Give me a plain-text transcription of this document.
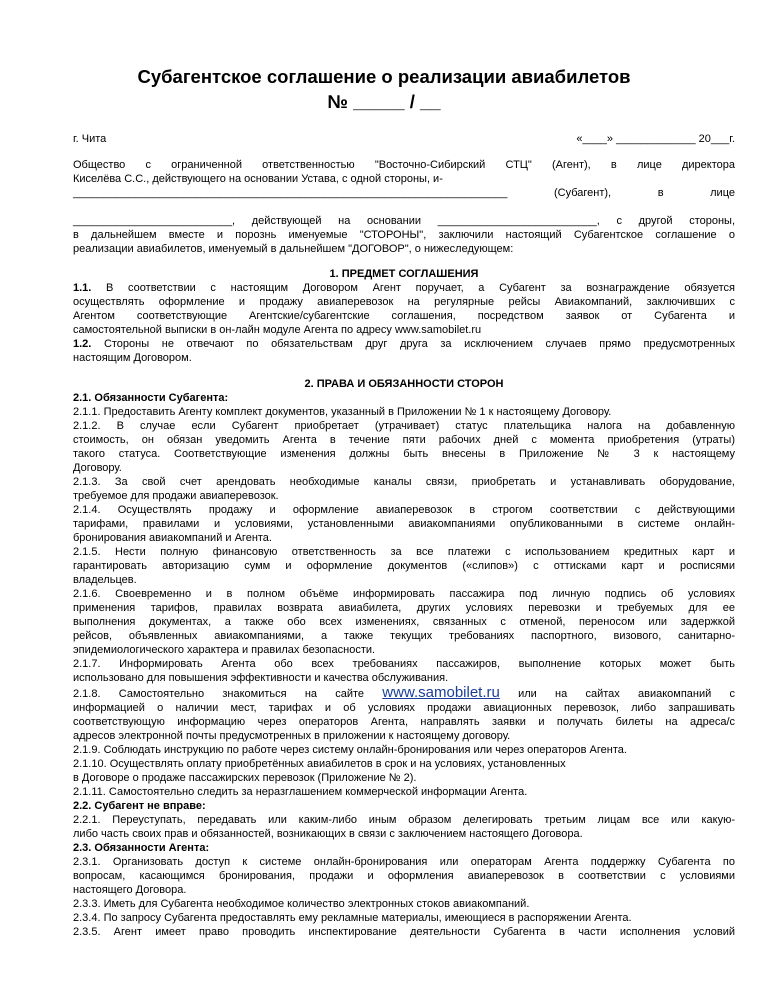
Субагентское соглашение о реализации авиабилетов
№ _____ / __
г. Чита	«____» _____________ 20___г.
Общество с ограниченной ответственностью "Восточно-Сибирский СТЦ" (Агент), в лице директора
Киселёва С.С., действующего на основании Устава, с одной стороны, и-
_______________________________________________________________________ (Субагент), в лице
__________________________, действующей на основании __________________________, с другой стороны,
в дальнейшем вместе и порознь именуемые "СТОРОНЫ", заключили настоящий Субагентское соглашение о
реализации авиабилетов, именуемый в дальнейшем "ДОГОВОР", о нижеследующем:
1. ПРЕДМЕТ СОГЛАШЕНИЯ
1.1. В соответствии с настоящим Договором Агент поручает, а Субагент за вознаграждение обязуется
осуществлять оформление и продажу авиаперевозок на регулярные рейсы Авиакомпаний, заключивших с
Агентом соответствующие Агентские/субагентские соглашения, посредством заявок от Субагента и
самостоятельной выписки в он-лайн модуле Агента по адресу www.samobilet.ru
1.2. Стороны не отвечают по обязательствам друг друга за исключением случаев прямо предусмотренных
настоящим Договором.
2. ПРАВА И ОБЯЗАННОСТИ СТОРОН
2.1. Обязанности Субагента:
2.1.1. Предоставить Агенту комплект документов, указанный в Приложении № 1 к настоящему Договору.
2.1.2. В случае если Субагент приобретает (утрачивает) статус плательщика налога на добавленную
стоимость, он обязан уведомить Агента в течение пяти рабочих дней с момента приобретения (утраты)
такого статуса. Соответствующие изменения должны быть внесены в Приложение № 3 к настоящему
Договору.
2.1.3. За свой счет арендовать необходимые каналы связи, приобретать и устанавливать оборудование,
требуемое для продажи авиаперевозок.
2.1.4. Осуществлять продажу и оформление авиаперевозок в строгом соответствии с действующими
тарифами, правилами и условиями, установленными авиакомпаниями опубликованными в системе онлайн-
бронирования авиакомпаний и Агента.
2.1.5. Нести полную финансовую ответственность за все платежи с использованием кредитных карт и
гарантировать авторизацию сумм и оформление документов («слипов») с оттисками карт и росписями
владельцев.
2.1.6. Своевременно и в полном объёме информировать пассажира под личную подпись об условиях
применения тарифов, правилах возврата авиабилета, других условиях перевозки и требуемых для ее
выполнения документах, а также обо всех изменениях, связанных с отменой, переносом или задержкой
рейсов, объявленных авиакомпаниями, а также текущих требованиях паспортного, визового, санитарно-
эпидемиологического характера и правилах безопасности.
2.1.7. Информировать Агента обо всех требованиях пассажиров, выполнение которых может быть
использовано для повышения эффективности и качества обслуживания.
2.1.8. Самостоятельно знакомиться на сайте www.samobilet.ru или на сайтах авиакомпаний с
информацией о наличии мест, тарифах и об условиях продажи авиационных перевозок, либо запрашивать
соответствующую информацию через операторов Агента, направлять заявки и получать билеты на адреса/с
адресов электронной почты предусмотренных в приложении к настоящему договору.
2.1.9. Соблюдать инструкцию по работе через систему онлайн-бронирования или через операторов Агента.
2.1.10. Осуществлять оплату приобретённых авиабилетов в срок и на условиях, установленных
в Договоре о продаже пассажирских перевозок (Приложение № 2).
2.1.11. Самостоятельно следить за неразглашением коммерческой информации Агента.
2.2. Субагент не вправе:
2.2.1. Переуступать, передавать или каким-либо иным образом делегировать третьим лицам все или какую-
либо часть своих прав и обязанностей, возникающих в связи с заключением настоящего Договора.
2.3. Обязанности Агента:
2.3.1. Организовать доступ к системе онлайн-бронирования или операторам Агента поддержку Субагента по
вопросам, касающимся бронирования, продажи и оформления авиаперевозок в соответствии с условиями
настоящего Договора.
2.3.3. Иметь для Субагента необходимое количество электронных стоков авиакомпаний.
2.3.4. По запросу Субагента предоставлять ему рекламные материалы, имеющиеся в распоряжении Агента.
2.3.5. Агент имеет право проводить инспектирование деятельности Субагента в части исполнения условий
